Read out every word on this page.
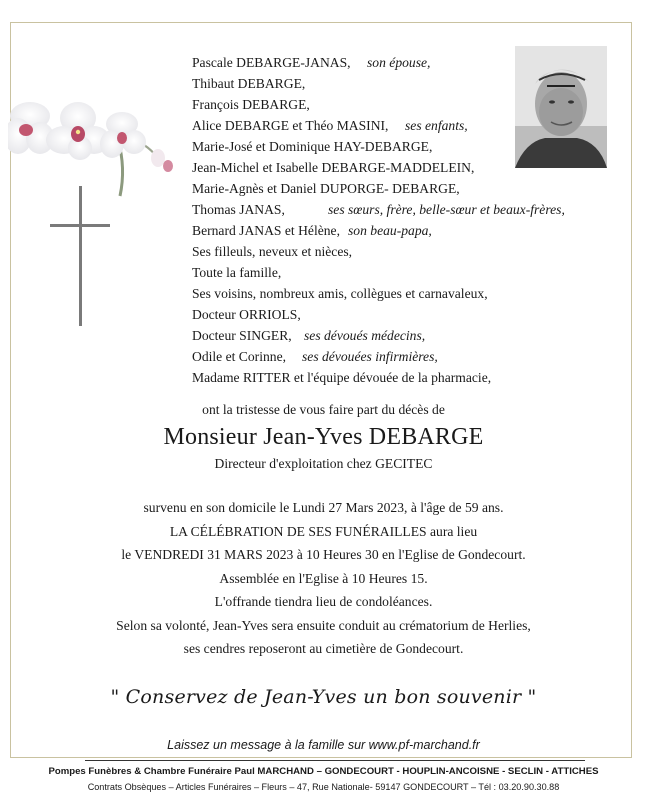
Pascale DEBARGE-JANAS, son épouse,
Thibaut DEBARGE,
François DEBARGE,
Alice DEBARGE et Théo MASINI, ses enfants,
Marie-José et Dominique HAY-DEBARGE,
Jean-Michel et Isabelle DEBARGE-MADDELEIN,
Marie-Agnès et Daniel DUPORGE- DEBARGE,
Thomas JANAS,	ses sœurs, frère, belle-sœur et beaux-frères,
Bernard JANAS et Hélène, son beau-papa,
Ses filleuls, neveux et nièces,
Toute la famille,
Ses voisins, nombreux amis, collègues et carnavaleux,
Docteur ORRIOLS,
Docteur SINGER, ses dévoués médecins,
Odile et Corinne, ses dévouées infirmières,
Madame RITTER et l'équipe dévouée de la pharmacie,
ont la tristesse de vous faire part du décès de
Monsieur Jean-Yves DEBARGE
Directeur d'exploitation chez GECITEC
survenu en son domicile le Lundi 27 Mars 2023, à l'âge de 59 ans.
LA CÉLÉBRATION DE SES FUNÉRAILLES aura lieu
le VENDREDI 31 MARS 2023 à 10 Heures 30 en l'Eglise de Gondecourt.
Assemblée en l'Eglise à 10 Heures 15.
L'offrande tiendra lieu de condoléances.
Selon sa volonté, Jean-Yves sera ensuite conduit au crématorium de Herlies,
ses cendres reposeront au cimetière de Gondecourt.
" Conservez de Jean-Yves un bon souvenir "
Laissez un message à la famille sur www.pf-marchand.fr
Pompes Funèbres & Chambre Funéraire Paul MARCHAND – GONDECOURT - HOUPLIN-ANCOISNE - SECLIN - ATTICHES
Contrats Obsèques – Articles Funéraires – Fleurs – 47, Rue Nationale- 59147 GONDECOURT – Tél : 03.20.90.30.88
